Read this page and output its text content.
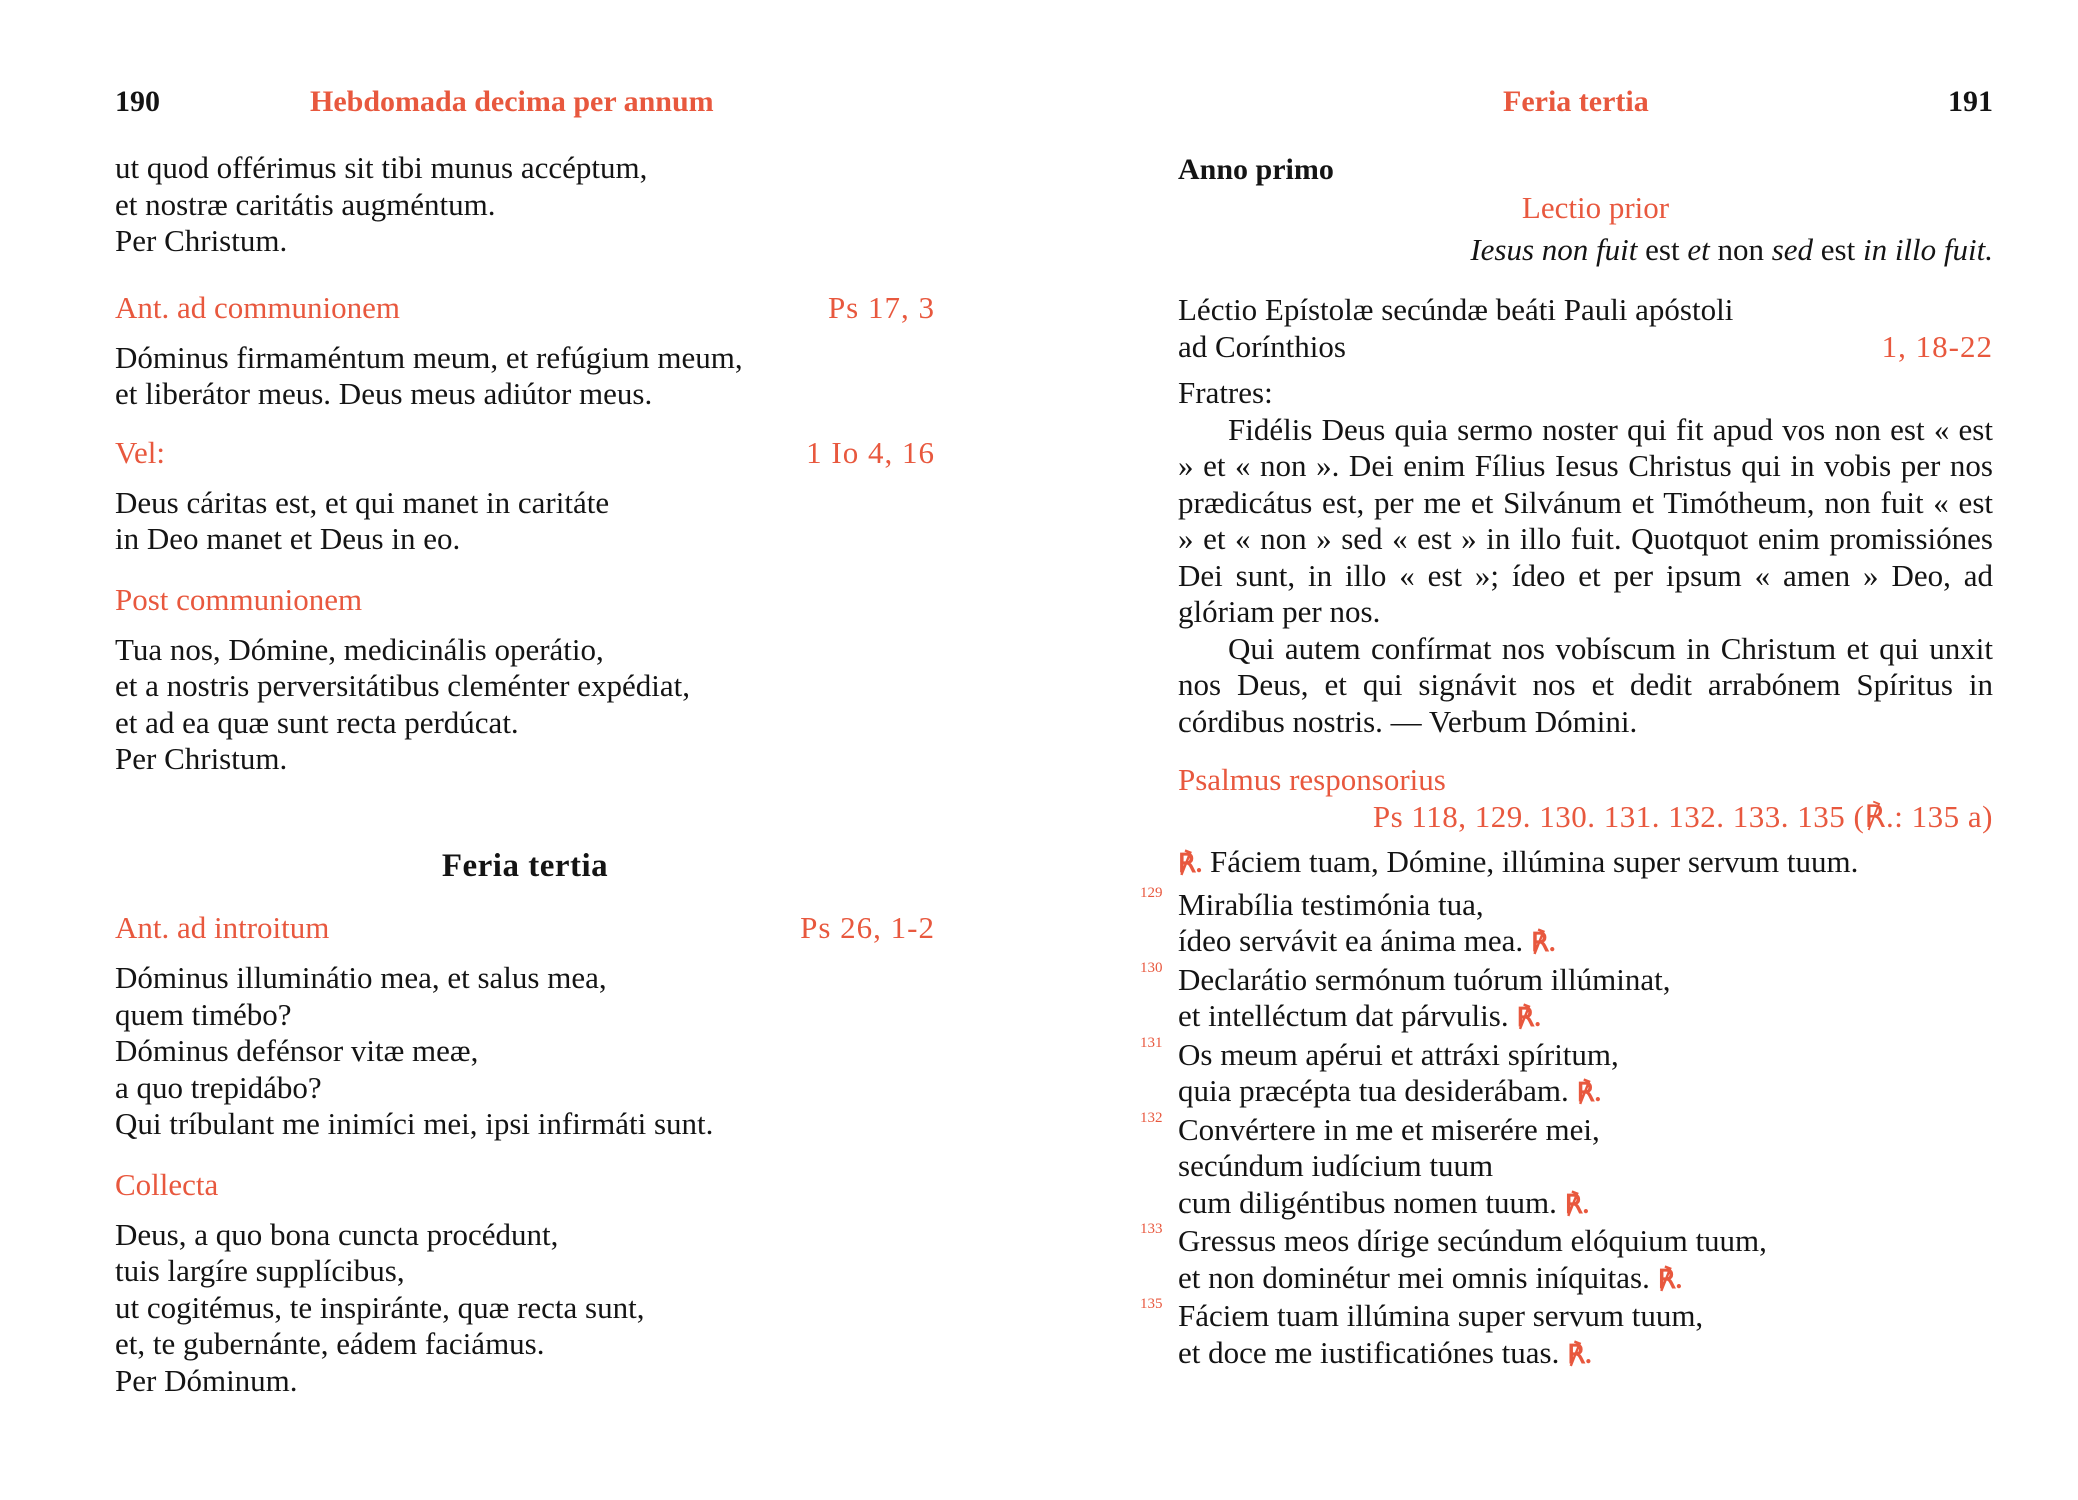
190	Hebdomada decima per annum
ut quod offérimus sit tibi munus accéptum,
et nostræ caritátis augméntum.
Per Christum.
Ant. ad communionem	Ps 17, 3
Dóminus firmaméntum meum, et refúgium meum,
et liberátor meus. Deus meus adiútor meus.
Vel:	1 Io 4, 16
Deus cáritas est, et qui manet in caritáte
in Deo manet et Deus in eo.
Post communionem
Tua nos, Dómine, medicinális operátio,
et a nostris perversitátibus cleménter expédiat,
et ad ea quæ sunt recta perdúcat.
Per Christum.
Feria tertia
Ant. ad introitum	Ps 26, 1-2
Dóminus illuminátio mea, et salus mea,
quem timébo?
Dóminus defénsor vitæ meæ,
a quo trepidábo?
Qui tríbulant me inimíci mei, ipsi infirmáti sunt.
Collecta
Deus, a quo bona cuncta procédunt,
tuis largíre supplícibus,
ut cogitémus, te inspiránte, quæ recta sunt,
et, te gubernánte, eádem faciámus.
Per Dóminum.
Feria tertia	191
Anno primo
Lectio prior
Iesus non fuit est et non sed est in illo fuit.
Léctio Epístolæ secúndæ beáti Pauli apóstoli
ad Corínthios	1, 18-22
Fratres:
Fidélis Deus quia sermo noster qui fit apud vos non est « est » et « non ». Dei enim Fílius Iesus Christus qui in vobis per nos prædicátus est, per me et Silvánum et Timótheum, non fuit « est » et « non » sed « est » in illo fuit. Quotquot enim promissiónes Dei sunt, in illo « est »; ídeo et per ipsum « amen » Deo, ad glóriam per nos.
Qui autem confírmat nos vobíscum in Christum et qui unxit nos Deus, et qui signávit nos et dedit arrabónem Spíritus in córdibus nostris. — Verbum Dómini.
Psalmus responsorius
Ps 118, 129. 130. 131. 132. 133. 135 (℟.: 135 a)
℟. Fáciem tuam, Dómine, illúmina super servum tuum.
129 Mirabília testimónia tua,
ídeo servávit ea ánima mea. ℟.
130 Declarátio sermónum tuórum illúminat,
et intelléctum dat párvulis. ℟.
131 Os meum apérui et attráxi spíritum,
quia præcépta tua desiderábam. ℟.
132 Convértere in me et miserére mei,
secúndum iudícium tuum
cum diligéntibus nomen tuum. ℟.
133 Gressus meos dírige secúndum elóquium tuum,
et non dominétur mei omnis iníquitas. ℟.
135 Fáciem tuam illúmina super servum tuum,
et doce me iustificatiónes tuas. ℟.
